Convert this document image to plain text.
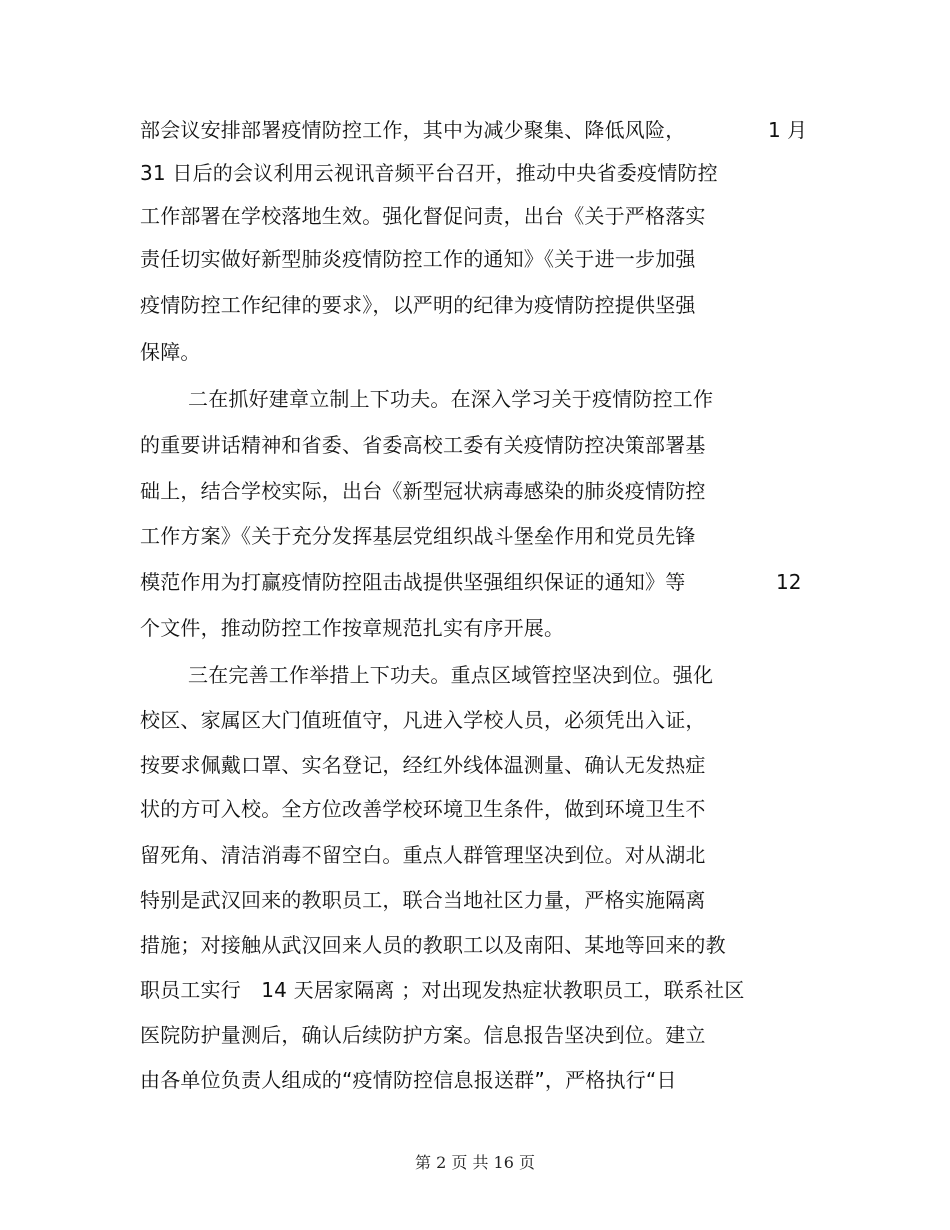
部会议安排部署疫情防控工作，其中为减少聚集、降低风险，	1 月
31 日后的会议利用云视讯音频平台召开，推动中央省委疫情防控
工作部署在学校落地生效。强化督促问责，出台《关于严格落实
责任切实做好新型肺炎疫情防控工作的通知》《关于进一步加强
疫情防控工作纪律的要求》，以严明的纪律为疫情防控提供坚强
保障。
二在抓好建章立制上下功夫。在深入学习关于疫情防控工作
的重要讲话精神和省委、省委高校工委有关疫情防控决策部署基
础上，结合学校实际，出台《新型冠状病毒感染的肺炎疫情防控
工作方案》《关于充分发挥基层党组织战斗堡垒作用和党员先锋
模范作用为打赢疫情防控阻击战提供坚强组织保证的通知》等	12
个文件，推动防控工作按章规范扎实有序开展。
三在完善工作举措上下功夫。重点区域管控坚决到位。强化
校区、家属区大门值班值守，凡进入学校人员，必须凭出入证，
按要求佩戴口罩、实名登记，经红外线体温测量、确认无发热症
状的方可入校。全方位改善学校环境卫生条件，做到环境卫生不
留死角、清洁消毒不留空白。重点人群管理坚决到位。对从湖北
特别是武汉回来的教职员工，联合当地社区力量，严格实施隔离
措施；对接触从武汉回来人员的教职工以及南阳、某地等回来的教
职员工实行　14 天居家隔离 ；对出现发热症状教职员工，联系社区
医院防护量测后，确认后续防护方案。信息报告坚决到位。建立
由各单位负责人组成的“疫情防控信息报送群”，严格执行“日
第 2 页 共 16 页
